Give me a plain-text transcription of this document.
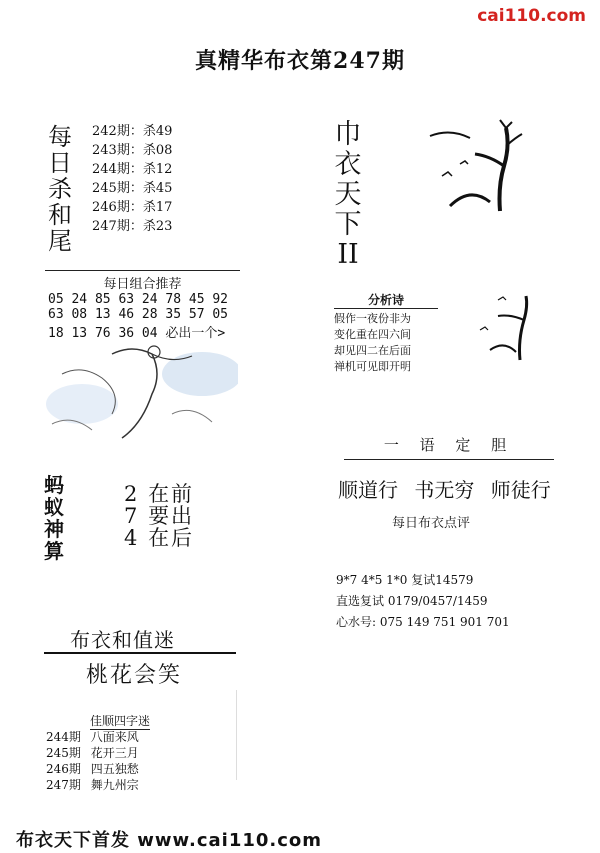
cai110.com
真精华布衣第247期
每
日
杀
和
尾
242期：杀49
243期：杀08
244期：杀12
245期：杀45
246期：杀17
247期：杀23
巾
衣
天
下
II
每日组合推荐
05 24 85 63 24 78 45 92
63 08 13 46 28 35 57 05
18 13 76 36 04 必出一个>
分析诗
假作一夜份非为
变化重在四六间
却见四二在后面
禅机可见即开明
一 语 定 胆
顺道行 书无穷 师徒行
每日布衣点评
9*7 4*5 1*0 复试14579
直选复试 0179/0457/1459
心水号: 075 149 751 901 701
蚂
蚁
神
算
2 在前
7 要出
4 在后
布衣和值迷
桃花会笑
佳顺四字迷
244期 八面来风
245期 花开三月
246期 四五独愁
247期 舞九州宗
布衣天下首发 www.cai110.com
